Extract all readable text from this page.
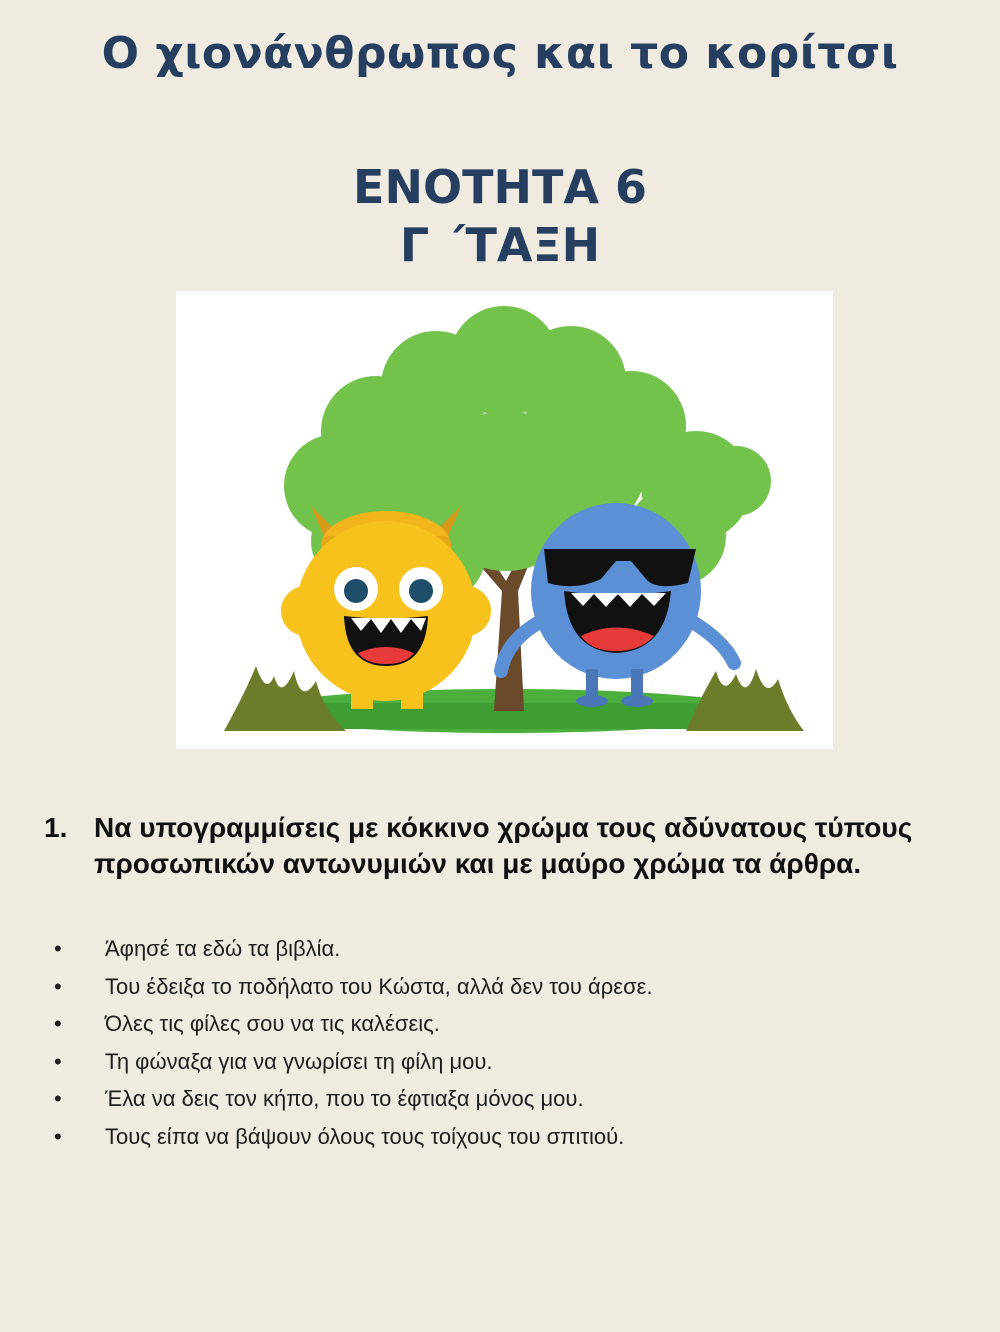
Ο χιονάνθρωπος και το κορίτσι
ΕΝΟΤΗΤΑ 6
Γ ΄ΤΑΞΗ
1. Να υπογραμμίσεις με κόκκινο χρώμα τους αδύνατους τύπους προσωπικών αντωνυμιών και με μαύρο χρώμα τα άρθρα.
• Άφησέ τα εδώ τα βιβλία.
• Του έδειξα το ποδήλατο του Κώστα, αλλά δεν του άρεσε.
• Όλες τις φίλες σου να τις καλέσεις.
• Τη φώναξα για να γνωρίσει τη φίλη μου.
• Έλα να δεις τον κήπο, που το έφτιαξα μόνος μου.
• Τους είπα να βάψουν όλους τους τοίχους του σπιτιού.
